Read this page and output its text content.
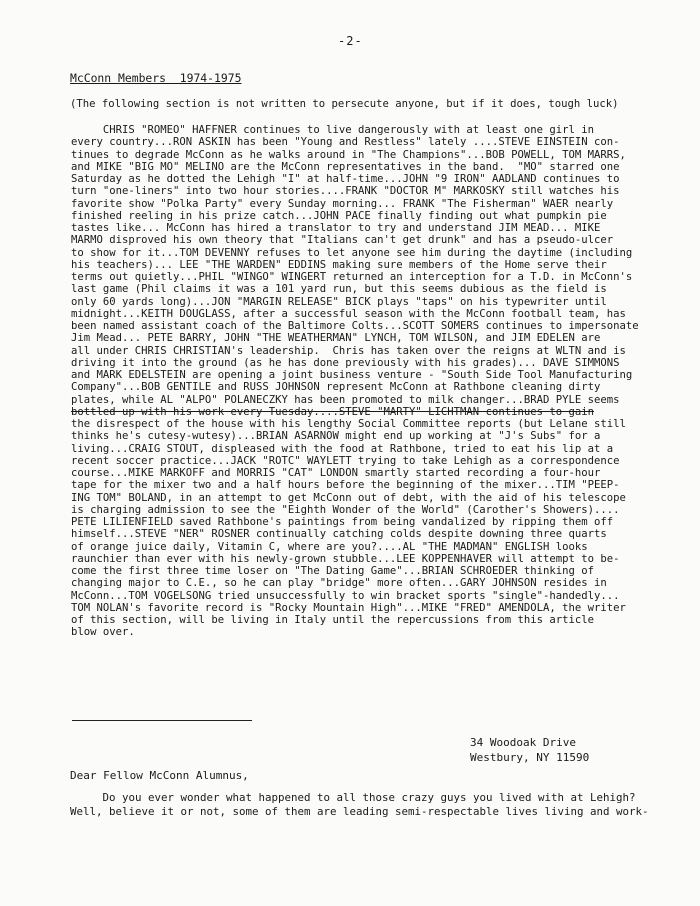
-2-
McConn Members  1974-1975
(The following section is not written to persecute anyone, but if it does, tough luck)
CHRIS "ROMEO" HAFFNER continues to live dangerously with at least one girl in
every country...RON ASKIN has been "Young and Restless" lately ....STEVE EINSTEIN con-
tinues to degrade McConn as he walks around in "The Champions"...BOB POWELL, TOM MARRS,
and MIKE "BIG MO" MELINO are the McConn representatives in the band.  "MO" starred one
Saturday as he dotted the Lehigh "I" at half-time...JOHN "9 IRON" AADLAND continues to
turn "one-liners" into two hour stories....FRANK "DOCTOR M" MARKOSKY still watches his
favorite show "Polka Party" every Sunday morning... FRANK "The Fisherman" WAER nearly
finished reeling in his prize catch...JOHN PACE finally finding out what pumpkin pie
tastes like... McConn has hired a translator to try and understand JIM MEAD... MIKE
MARMO disproved his own theory that "Italians can't get drunk" and has a pseudo-ulcer
to show for it...TOM DEVENNY refuses to let anyone see him during the daytime (including
his teachers)... LEE "THE WARDEN" EDDINS making sure members of the Home serve their
terms out quietly...PHIL "WINGO" WINGERT returned an interception for a T.D. in McConn's
last game (Phil claims it was a 101 yard run, but this seems dubious as the field is
only 60 yards long)...JON "MARGIN RELEASE" BICK plays "taps" on his typewriter until
midnight...KEITH DOUGLASS, after a successful season with the McConn football team, has
been named assistant coach of the Baltimore Colts...SCOTT SOMERS continues to impersonate
Jim Mead... PETE BARRY, JOHN "THE WEATHERMAN" LYNCH, TOM WILSON, and JIM EDELEN are
all under CHRIS CHRISTIAN's leadership.  Chris has taken over the reigns at WLTN and is
driving it into the ground (as he has done previously with his grades)... DAVE SIMMONS
and MARK EDELSTEIN are opening a joint business venture - "South Side Tool Manufacturing
Company"...BOB GENTILE and RUSS JOHNSON represent McConn at Rathbone cleaning dirty
plates, while AL "ALPO" POLANECZKY has been promoted to milk changer...BRAD PYLE seems
bottled up with his work every Tuesday....STEVE "MARTY" LICHTMAN continues to gain
the disrespect of the house with his lengthy Social Committee reports (but Lelane still
thinks he's cutesy-wutesy)...BRIAN ASARNOW might end up working at "J's Subs" for a
living...CRAIG STOUT, displeased with the food at Rathbone, tried to eat his lip at a
recent soccer practice...JACK "ROTC" WAYLETT trying to take Lehigh as a correspondence
course...MIKE MARKOFF and MORRIS "CAT" LONDON smartly started recording a four-hour
tape for the mixer two and a half hours before the beginning of the mixer...TIM "PEEP-
ING TOM" BOLAND, in an attempt to get McConn out of debt, with the aid of his telescope
is charging admission to see the "Eighth Wonder of the World" (Carother's Showers)....
PETE LILIENFIELD saved Rathbone's paintings from being vandalized by ripping them off
himself...STEVE "NER" ROSNER continually catching colds despite downing three quarts
of orange juice daily, Vitamin C, where are you?....AL "THE MADMAN" ENGLISH looks
raunchier than ever with his newly-grown stubble...LEE KOPPENHAVER will attempt to be-
come the first three time loser on "The Dating Game"...BRIAN SCHROEDER thinking of
changing major to C.E., so he can play "bridge" more often...GARY JOHNSON resides in
McConn...TOM VOGELSONG tried unsuccessfully to win bracket sports "single"-handedly...
TOM NOLAN's favorite record is "Rocky Mountain High"...MIKE "FRED" AMENDOLA, the writer
of this section, will be living in Italy until the repercussions from this article
blow over.
34 Woodoak Drive
Westbury, NY 11590
Dear Fellow McConn Alumnus,
Do you ever wonder what happened to all those crazy guys you lived with at Lehigh?
Well, believe it or not, some of them are leading semi-respectable lives living and work-
